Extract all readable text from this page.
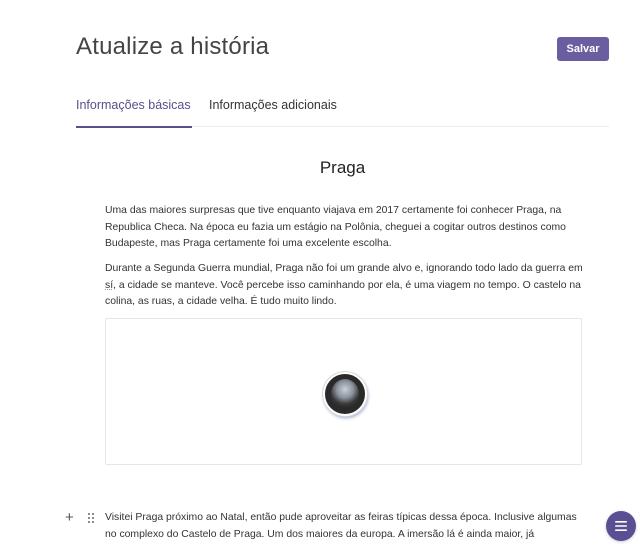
Atualize a história	Salvar
Informações básicas Informações adicionais
Praga
Uma das maiores surpresas que tive enquanto viajava em 2017 certamente foi conhecer Praga, na Republica Checa. Na época eu fazia um estágio na Polônia, cheguei a cogitar outros destinos como Budapeste, mas Praga certamente foi uma excelente escolha.
Durante a Segunda Guerra mundial, Praga não foi um grande alvo e, ignorando todo lado da guerra em sí, a cidade se manteve. Você percebe isso caminhando por ela, é uma viagem no tempo. O castelo na colina, as ruas, a cidade velha. É tudo muito lindo.
+	Visitei Praga próximo ao Natal, então pude aproveitar as feiras típicas dessa época. Inclusive algumas no complexo do Castelo de Praga. Um dos maiores da europa. A imersão lá é ainda maior, já
